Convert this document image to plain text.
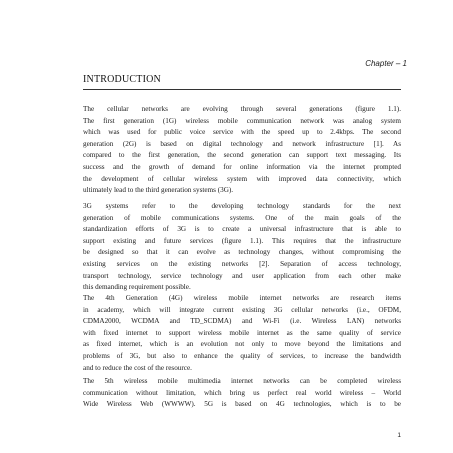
Chapter – 1
INTRODUCTION

The cellular networks are evolving through several generations (figure 1.1).
The first generation (1G) wireless mobile communication network was analog system
which was used for public voice service with the speed up to 2.4kbps. The second
generation (2G) is based on digital technology and network infrastructure [1]. As
compared to the first generation, the second generation can support text messaging. Its
success and the growth of demand for online information via the internet prompted
the development of cellular wireless system with improved data connectivity, which
ultimately lead to the third generation systems (3G).

3G systems refer to the developing technology standards for the next
generation of mobile communications systems. One of the main goals of the
standardization efforts of 3G is to create a universal infrastructure that is able to
support existing and future services (figure 1.1). This requires that the infrastructure
be designed so that it can evolve as technology changes, without compromising the
existing services on the existing networks [2]. Separation of access technology,
transport technology, service technology and user application from each other make
this demanding requirement possible.

The 4th Generation (4G) wireless mobile internet networks are research items
in academy, which will integrate current existing 3G cellular networks (i.e., OFDM,
CDMA2000, WCDMA and TD_SCDMA) and Wi-Fi (i.e. Wireless LAN) networks
with fixed internet to support wireless mobile internet as the same quality of service
as fixed internet, which is an evolution not only to move beyond the limitations and
problems of 3G, but also to enhance the quality of services, to increase the bandwidth
and to reduce the cost of the resource.

The 5th wireless mobile multimedia internet networks can be completed wireless
communication without limitation, which bring us perfect real world wireless – World
Wide Wireless Web (WWWW). 5G is based on 4G technologies, which is to be

1
